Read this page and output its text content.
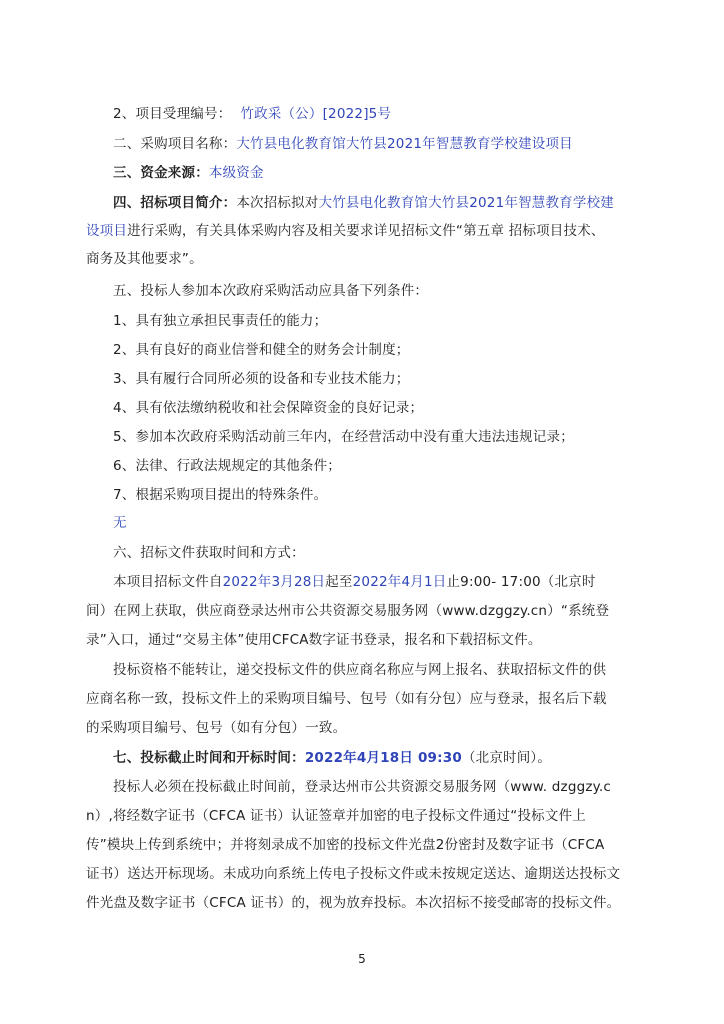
2、项目受理编号： 竹政采（公）[2022]5号
二、采购项目名称：大竹县电化教育馆大竹县2021年智慧教育学校建设项目
三、资金来源：本级资金
四、招标项目简介：本次招标拟对大竹县电化教育馆大竹县2021年智慧教育学校建
设项目进行采购，有关具体采购内容及相关要求详见招标文件“第五章 招标项目技术、
商务及其他要求”。
五、投标人参加本次政府采购活动应具备下列条件：
1、具有独立承担民事责任的能力；
2、具有良好的商业信誉和健全的财务会计制度；
3、具有履行合同所必须的设备和专业技术能力；
4、具有依法缴纳税收和社会保障资金的良好记录；
5、参加本次政府采购活动前三年内，在经营活动中没有重大违法违规记录；
6、法律、行政法规规定的其他条件；
7、根据采购项目提出的特殊条件。
无
六、招标文件获取时间和方式：
本项目招标文件自2022年3月28日起至2022年4月1日止9:00- 17:00（北京时
间）在网上获取，供应商登录达州市公共资源交易服务网（www.dzggzy.cn）“系统登
录”入口，通过“交易主体”使用CFCA数字证书登录，报名和下载招标文件。
投标资格不能转让，递交投标文件的供应商名称应与网上报名、获取招标文件的供
应商名称一致，投标文件上的采购项目编号、包号（如有分包）应与登录，报名后下载
的采购项目编号、包号（如有分包）一致。
七、投标截止时间和开标时间：2022年4月18日 09:30（北京时间）。
投标人必须在投标截止时间前，登录达州市公共资源交易服务网（www. dzggzy.c
n）,将经数字证书（CFCA 证书）认证签章并加密的电子投标文件通过“投标文件上
传”模块上传到系统中；并将刻录成不加密的投标文件光盘2份密封及数字证书（CFCA
证书）送达开标现场。未成功向系统上传电子投标文件或未按规定送达、逾期送达投标文
件光盘及数字证书（CFCA 证书）的，视为放弃投标。本次招标不接受邮寄的投标文件。
5
